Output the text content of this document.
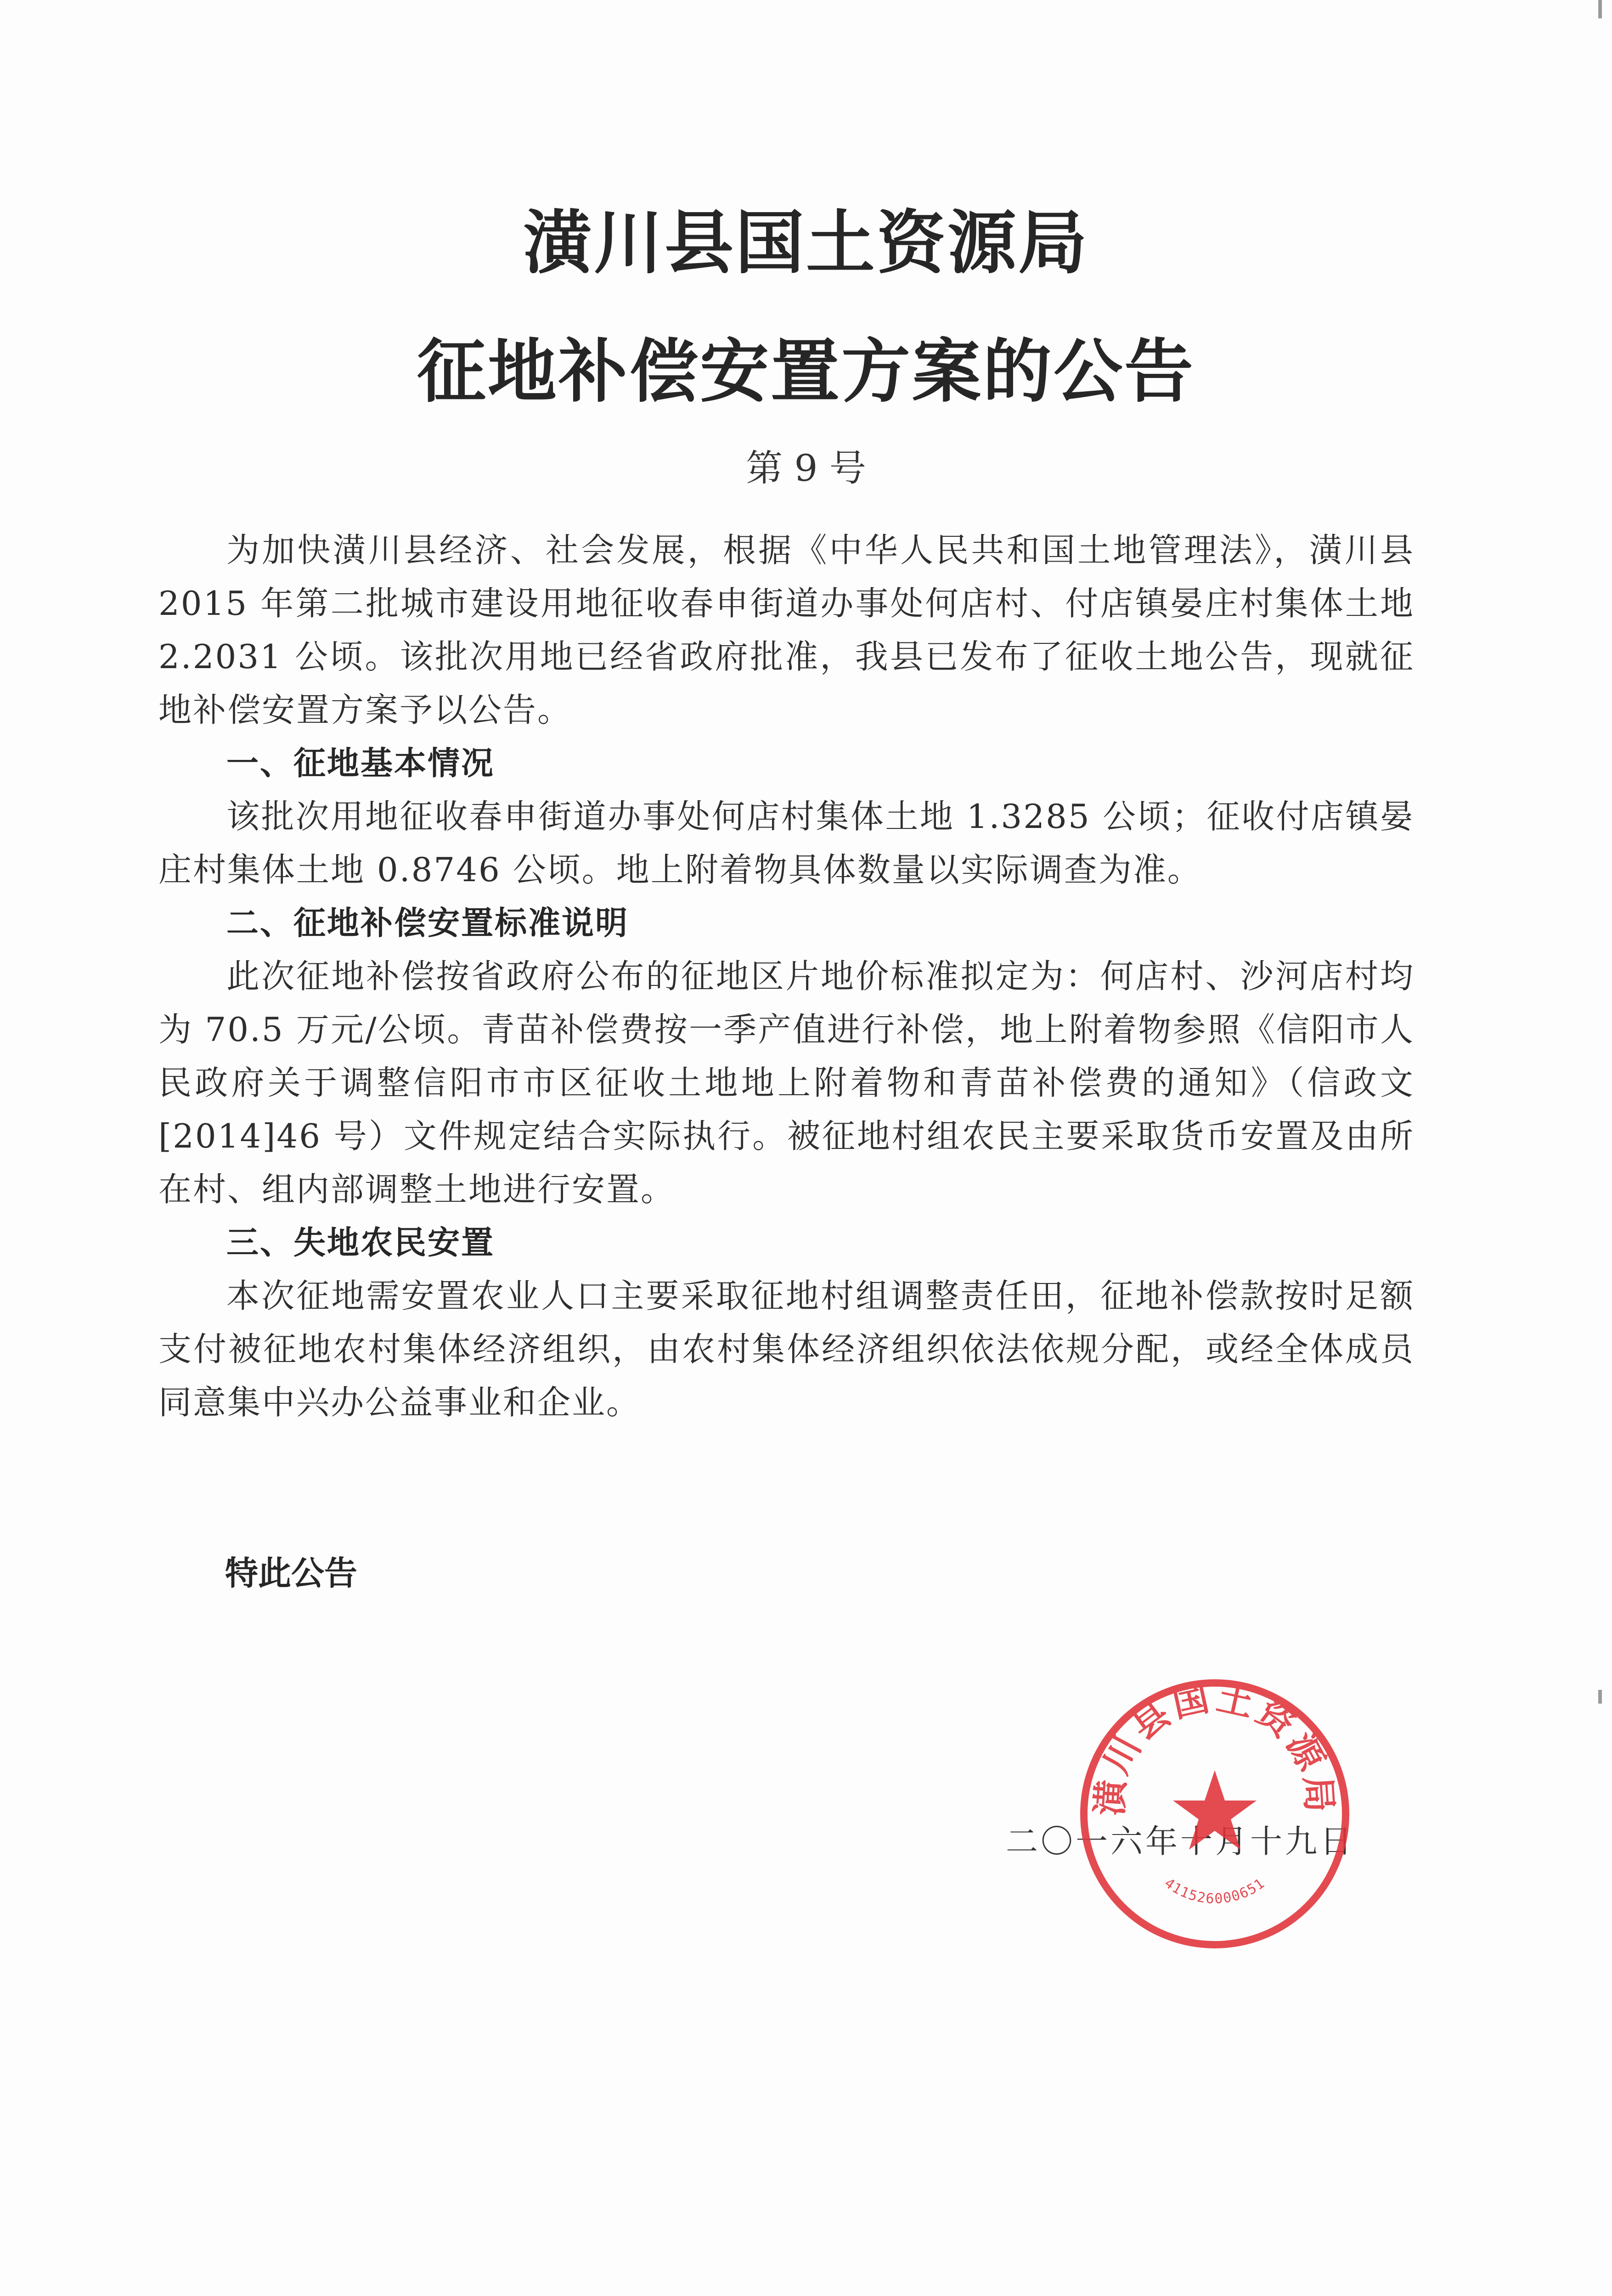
潢川县国土资源局
征地补偿安置方案的公告
第 9 号

为加快潢川县经济、社会发展，根据《中华人民共和国土地管理法》，潢川县 2015 年第二批城市建设用地征收春申街道办事处何店村、付店镇晏庄村集体土地 2.2031 公顷。该批次用地已经省政府批准，我县已发布了征收土地公告，现就征地补偿安置方案予以公告。

一、征地基本情况

该批次用地征收春申街道办事处何店村集体土地 1.3285 公顷；征收付店镇晏庄村集体土地 0.8746 公顷。地上附着物具体数量以实际调查为准。

二、征地补偿安置标准说明

此次征地补偿按省政府公布的征地区片地价标准拟定为：何店村、沙河店村均为 70.5 万元/公顷。青苗补偿费按一季产值进行补偿，地上附着物参照《信阳市人民政府关于调整信阳市市区征收土地地上附着物和青苗补偿费的通知》（信政文[2014]46 号）文件规定结合实际执行。被征地村组农民主要采取货币安置及由所在村、组内部调整土地进行安置。

三、失地农民安置

本次征地需安置农业人口主要采取征地村组调整责任田，征地补偿款按时足额支付被征地农村集体经济组织，由农村集体经济组织依法依规分配，或经全体成员同意集中兴办公益事业和企业。

特此公告
二〇一六年十月十九日
潢川县国土资源局
411526000651
